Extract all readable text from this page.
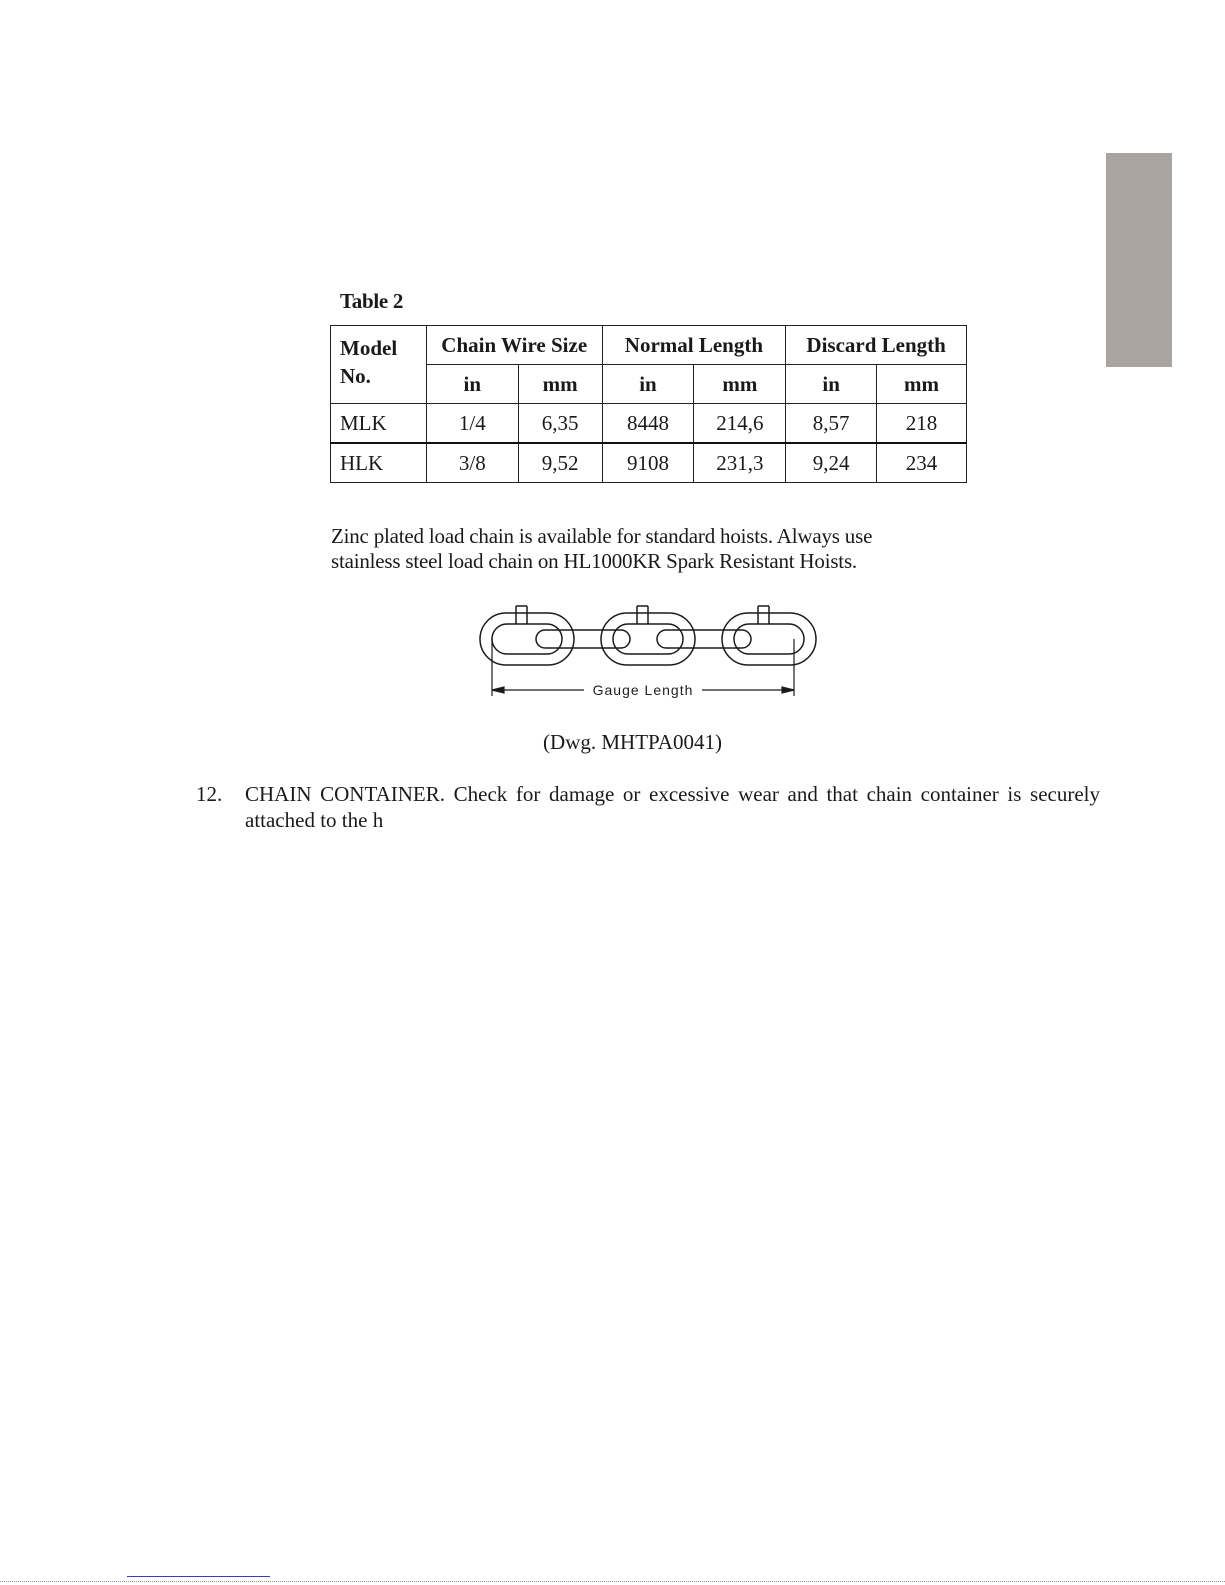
Table 2
Model
No.	Chain Wire Size		Normal Length		Discard Length	
	in	mm	in	mm	in	mm
MLK	1/4	6,35	8448	214,6	8,57	218
HLK	3/8	9,52	9108	231,3	9,24	234
Zinc plated load chain is available for standard hoists. Always use
stainless steel load chain on HL1000KR Spark Resistant Hoists.
Gauge Length
(Dwg. MHTPA0041)
12. CHAIN CONTAINER. Check for damage or excessive wear and that chain container is securely attached to the h
